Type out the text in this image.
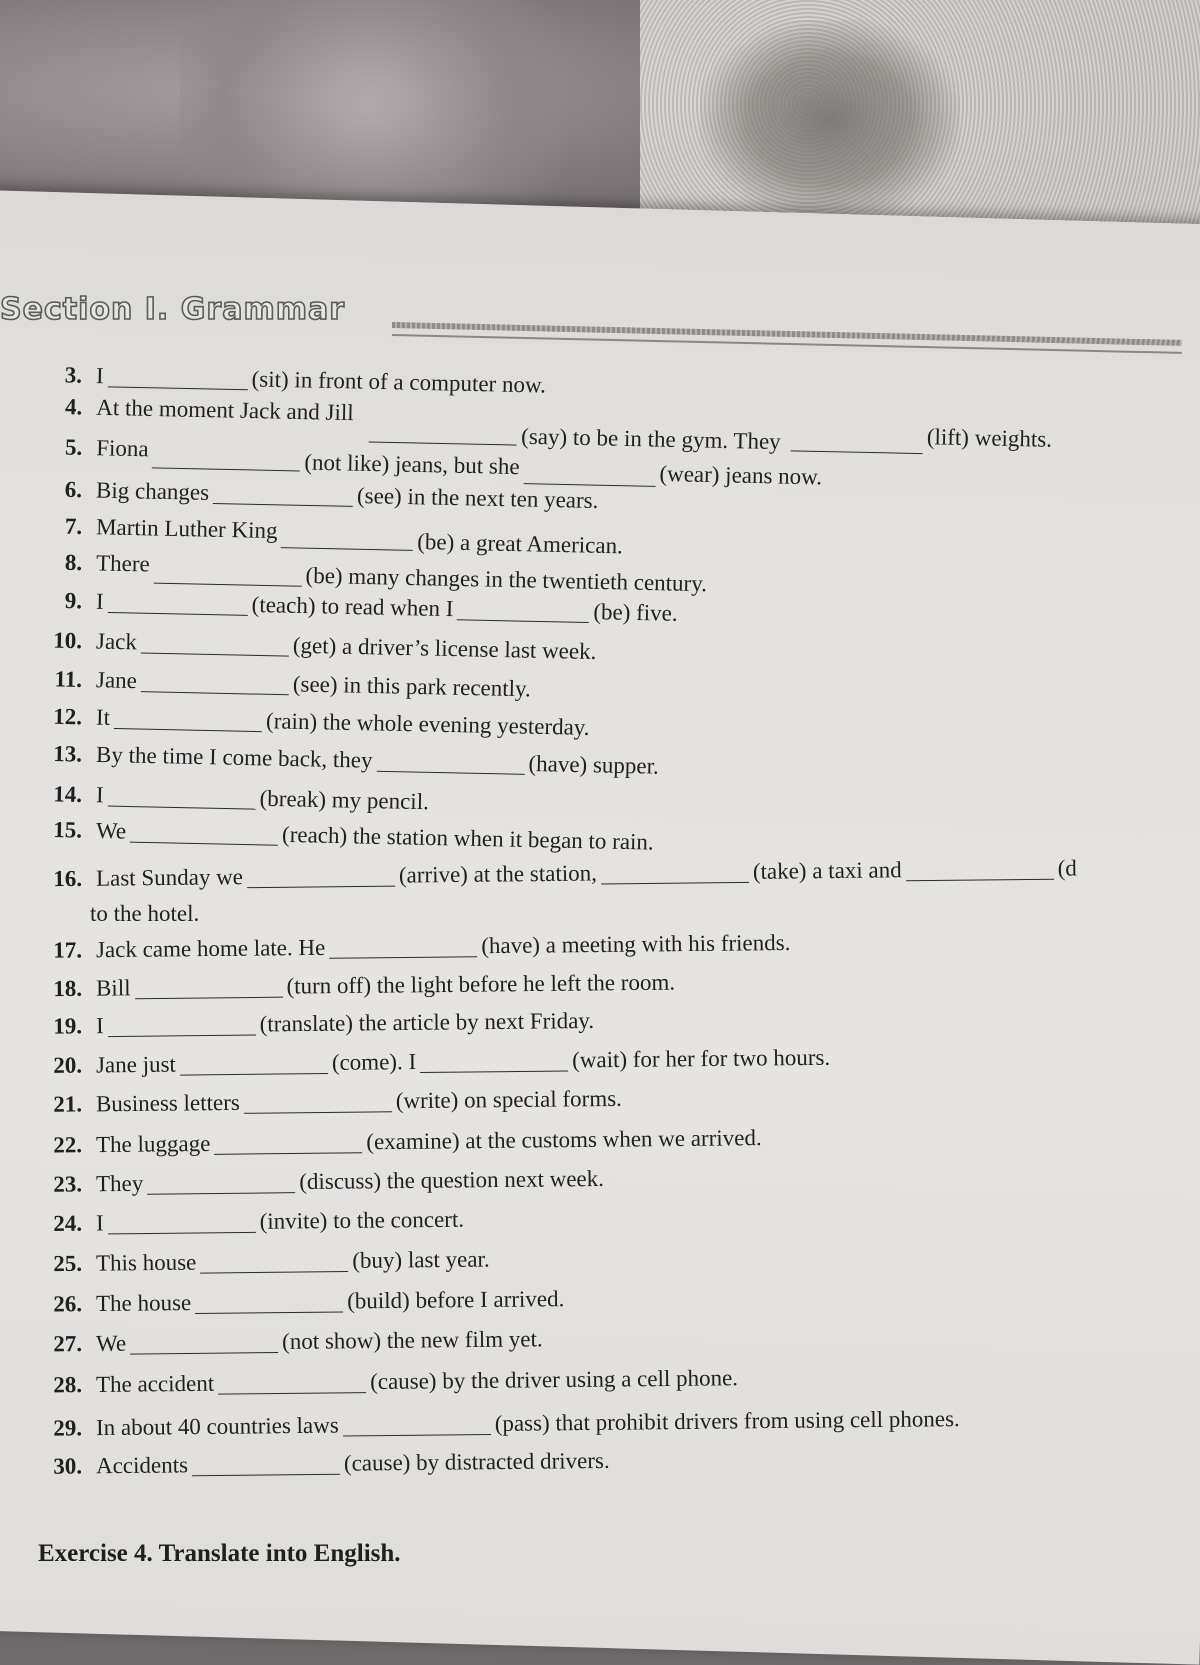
Section I. Grammar
3. I	(sit) in front of a computer now.
4. At the moment Jack and Jill(say) to be in the gym. They	(lift) weights.
5. Fiona(not like) jeans, but she	(wear) jeans now.
6. Big changes	(see) in the next ten years.
7. Martin Luther King(be) a great American.
8. There	(be) many changes in the twentieth century.
9. I	(teach) to read when I	(be) five.
10. Jack	(get) a driver’s license last week.
11. Jane	(see) in this park recently.
12. It	(rain) the whole evening yesterday.
13. By the time I come back, they	(have) supper.
14. I	(break) my pencil.
15. We	(reach) the station when it began to rain.
16. Last Sunday we	(arrive) at the station,	(take) a taxi and	(d
to the hotel.
17. Jack came home late. He	(have) a meeting with his friends.
18. Bill	(turn off) the light before he left the room.
19. I	(translate) the article by next Friday.
20. Jane just	(come). I	(wait) for her for two hours.
21. Business letters	(write) on special forms.
22. The luggage	(examine) at the customs when we arrived.
23. They	(discuss) the question next week.
24. I	(invite) to the concert.
25. This house	(buy) last year.
26. The house	(build) before I arrived.
27. We	(not show) the new film yet.
28. The accident	(cause) by the driver using a cell phone.
29. In about 40 countries laws	(pass) that prohibit drivers from using cell phones.
30. Accidents	(cause) by distracted drivers.
Exercise 4. Translate into English.
